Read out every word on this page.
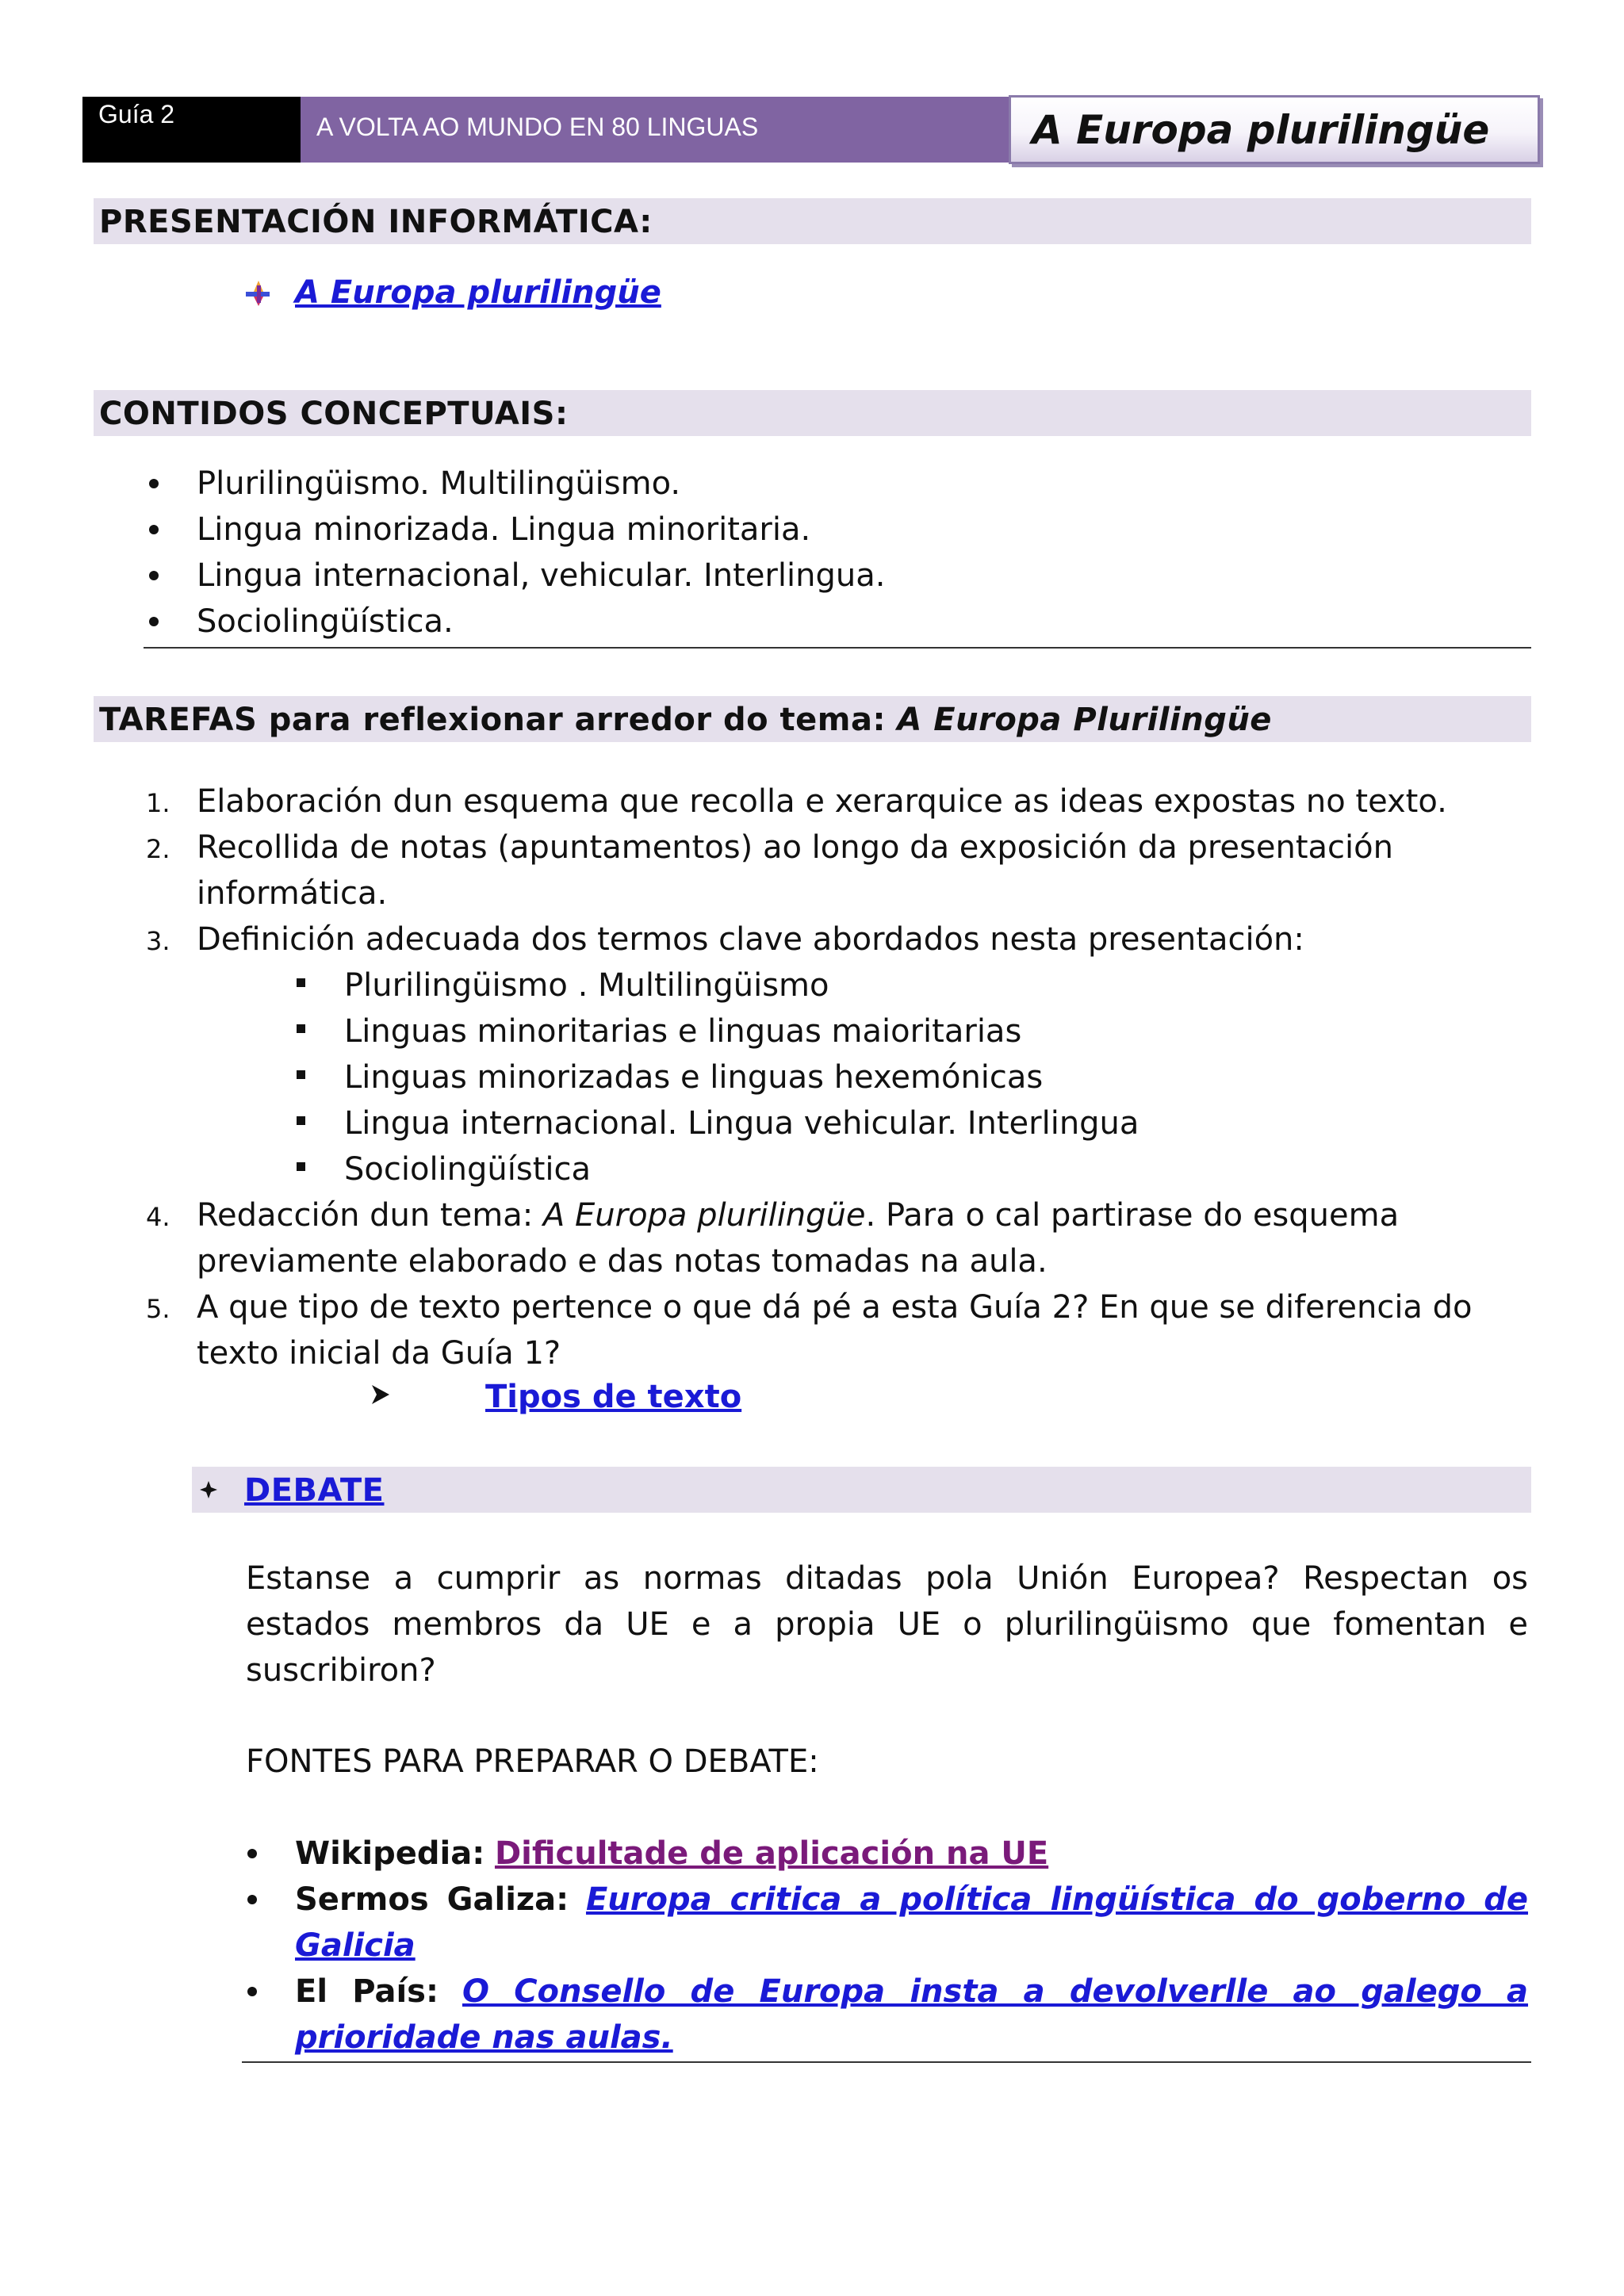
Guía 2	A VOLTA AO MUNDO EN 80 LINGUAS	A Europa plurilingüe
PRESENTACIÓN INFORMÁTICA:
A Europa plurilingüe
CONTIDOS CONCEPTUAIS:
Plurilingüismo. Multilingüismo.
Lingua minorizada. Lingua minoritaria.
Lingua internacional, vehicular. Interlingua.
Sociolingüística.
TAREFAS para reflexionar arredor do tema: A Europa Plurilingüe
1. Elaboración dun esquema que recolla e xerarquice as ideas expostas no texto.
2. Recollida de notas (apuntamentos) ao longo da exposición da presentación
informática.
3. Definición adecuada dos termos clave abordados nesta presentación:
Plurilingüismo . Multilingüismo
Linguas minoritarias e linguas maioritarias
Linguas minorizadas e linguas hexemónicas
Lingua internacional. Lingua vehicular. Interlingua
Sociolingüística
4. Redacción dun tema: A Europa plurilingüe. Para o cal partirase do esquema
previamente elaborado e das notas tomadas na aula.
5. A que tipo de texto pertence o que dá pé a esta Guía 2? En que se diferencia do
texto inicial da Guía 1?
Tipos de texto
DEBATE
Estanse a cumprir as normas ditadas pola Unión Europea? Respectan os
estados membros da UE e a propia UE o plurilingüismo que fomentan e
suscribiron?
FONTES PARA PREPARAR O DEBATE:
Wikipedia: Dificultade de aplicación na UE
Sermos Galiza: Europa critica a política lingüística do goberno de
Galicia
El País: O Consello de Europa insta a devolverlle ao galego a
prioridade nas aulas.
